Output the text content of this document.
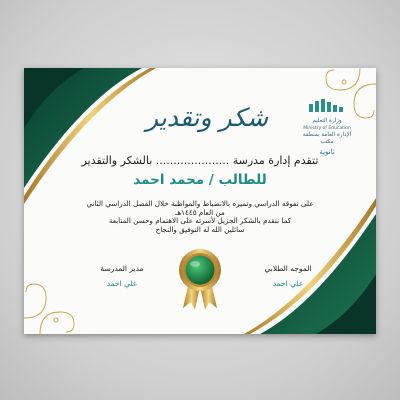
وزارة التعليم
Ministry of Education
الإدارة العامة بمنطقة
مكتب
ثانوية
شكر وتقدير
تتقدم إدارة مدرسة ..................... بالشكر والتقدير
للطالب / محمد احمد
على تفوقه الدراسي وتميزه بالانضباط والمواظبة خلال الفصل الدراسي الثاني
من العام ١٤٤٥هـ
كما نتقدم بالشكر الجزيل لأسرته على الاهتمام وحسن المتابعة
سائلين الله له التوفيق والنجاح
مدير المدرسة
علي احمد
الموجه الطلابي
علي احمد
